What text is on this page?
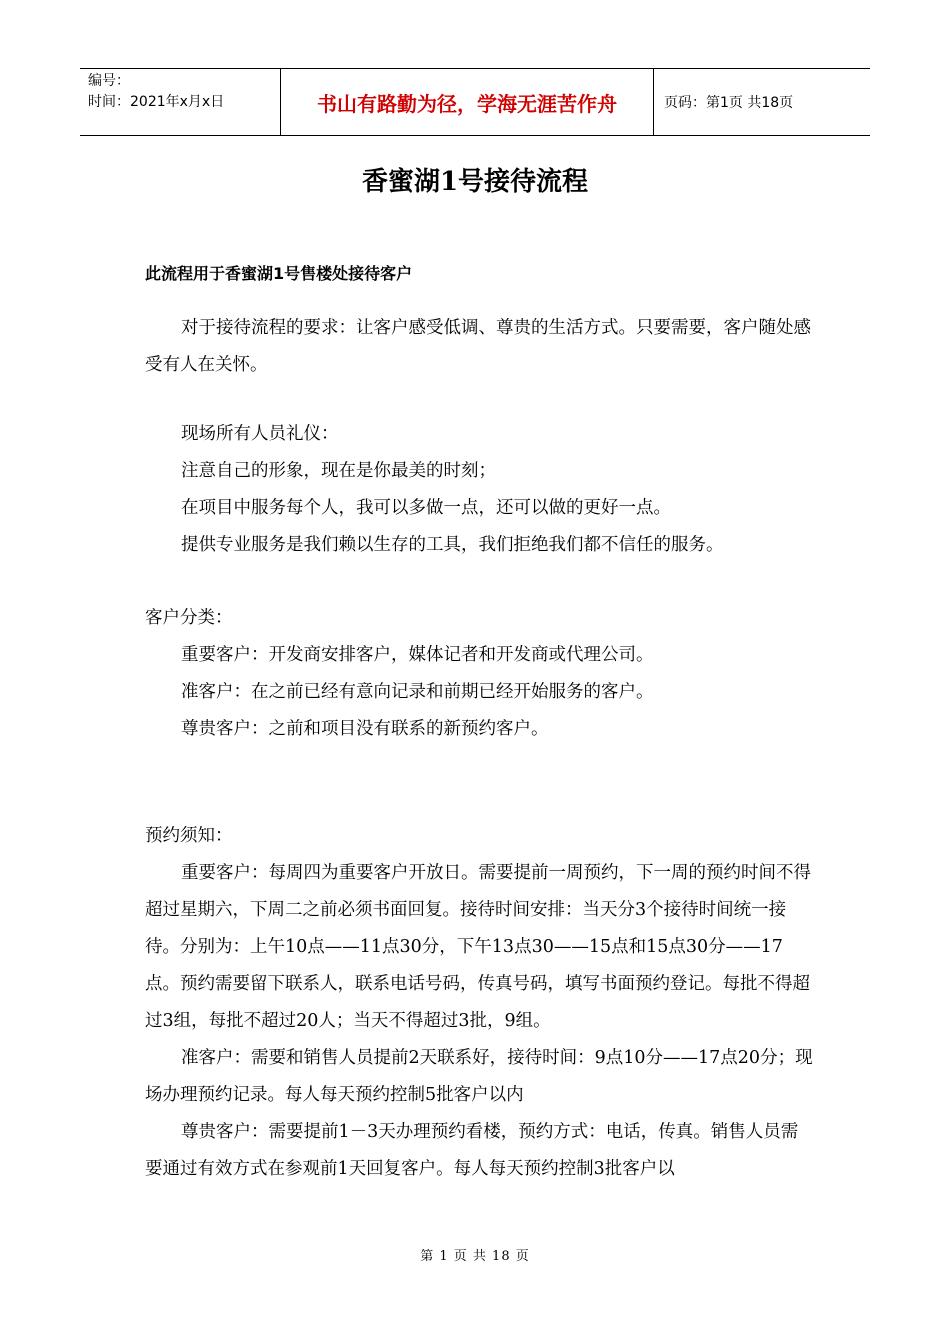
编号：
时间：2021年x月x日	书山有路勤为径，学海无涯苦作舟	页码：第1页 共18页
香蜜湖1号接待流程

此流程用于香蜜湖1号售楼处接待客户

对于接待流程的要求：让客户感受低调、尊贵的生活方式。只要需要，客户随处感受有人在关怀。

现场所有人员礼仪：

注意自己的形象，现在是你最美的时刻；

在项目中服务每个人，我可以多做一点，还可以做的更好一点。

提供专业服务是我们赖以生存的工具，我们拒绝我们都不信任的服务。

客户分类：

重要客户：开发商安排客户，媒体记者和开发商或代理公司。

准客户：在之前已经有意向记录和前期已经开始服务的客户。

尊贵客户：之前和项目没有联系的新预约客户。

预约须知：

重要客户：每周四为重要客户开放日。需要提前一周预约，下一周的预约时间不得超过星期六，下周二之前必须书面回复。接待时间安排：当天分3个接待时间统一接待。分别为：上午10点——11点30分，下午13点30——15点和15点30分——17点。预约需要留下联系人，联系电话号码，传真号码，填写书面预约登记。每批不得超过3组，每批不超过20人；当天不得超过3批，9组。

准客户：需要和销售人员提前2天联系好，接待时间：9点10分——17点20分；现场办理预约记录。每人每天预约控制5批客户以内

尊贵客户：需要提前1－3天办理预约看楼，预约方式：电话，传真。销售人员需要通过有效方式在参观前1天回复客户。每人每天预约控制3批客户以

第 1 页 共 18 页
